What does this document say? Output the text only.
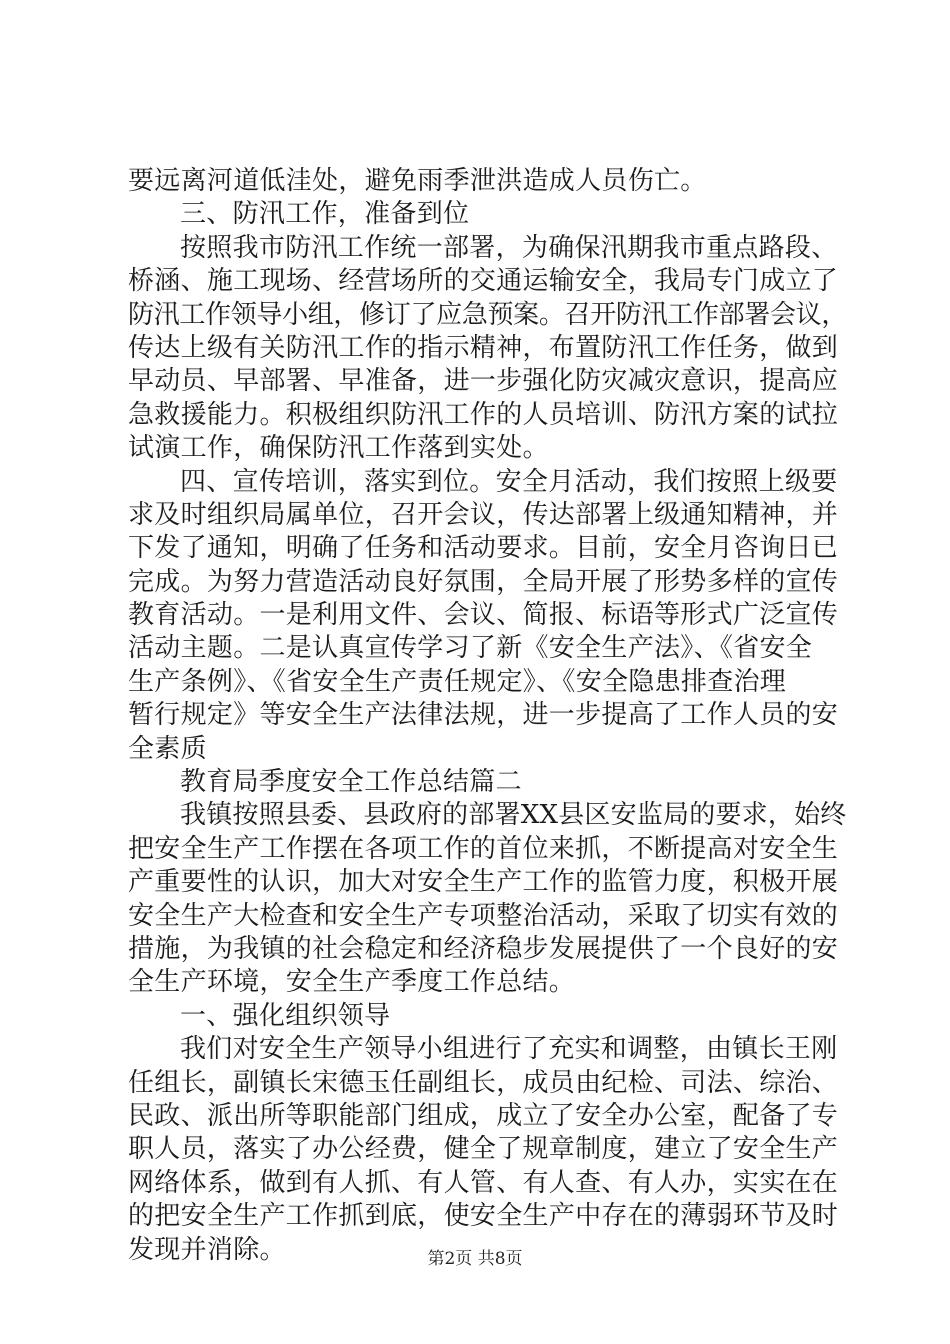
要远离河道低洼处，避免雨季泄洪造成人员伤亡。
三、防汛工作，准备到位
按照我市防汛工作统一部署，为确保汛期我市重点路段、
桥涵、施工现场、经营场所的交通运输安全，我局专门成立了
防汛工作领导小组，修订了应急预案。召开防汛工作部署会议，
传达上级有关防汛工作的指示精神，布置防汛工作任务，做到
早动员、早部署、早准备，进一步强化防灾减灾意识，提高应
急救援能力。积极组织防汛工作的人员培训、防汛方案的试拉
试演工作，确保防汛工作落到实处。
四、宣传培训，落实到位。安全月活动，我们按照上级要
求及时组织局属单位，召开会议，传达部署上级通知精神，并
下发了通知，明确了任务和活动要求。目前，安全月咨询日已
完成。为努力营造活动良好氛围，全局开展了形势多样的宣传
教育活动。一是利用文件、会议、简报、标语等形式广泛宣传
活动主题。二是认真宣传学习了新《安全生产法》、《省安全
生产条例》、《省安全生产责任规定》、《安全隐患排查治理
暂行规定》等安全生产法律法规，进一步提高了工作人员的安
全素质
教育局季度安全工作总结篇二
我镇按照县委、县政府的部署XX县区安监局的要求，始终
把安全生产工作摆在各项工作的首位来抓，不断提高对安全生
产重要性的认识，加大对安全生产工作的监管力度，积极开展
安全生产大检查和安全生产专项整治活动，采取了切实有效的
措施，为我镇的社会稳定和经济稳步发展提供了一个良好的安
全生产环境，安全生产季度工作总结。
一、强化组织领导
我们对安全生产领导小组进行了充实和调整，由镇长王刚
任组长，副镇长宋德玉任副组长，成员由纪检、司法、综治、
民政、派出所等职能部门组成，成立了安全办公室，配备了专
职人员，落实了办公经费，健全了规章制度，建立了安全生产
网络体系，做到有人抓、有人管、有人查、有人办，实实在在
的把安全生产工作抓到底，使安全生产中存在的薄弱环节及时
发现并消除。	第2页 共8页
